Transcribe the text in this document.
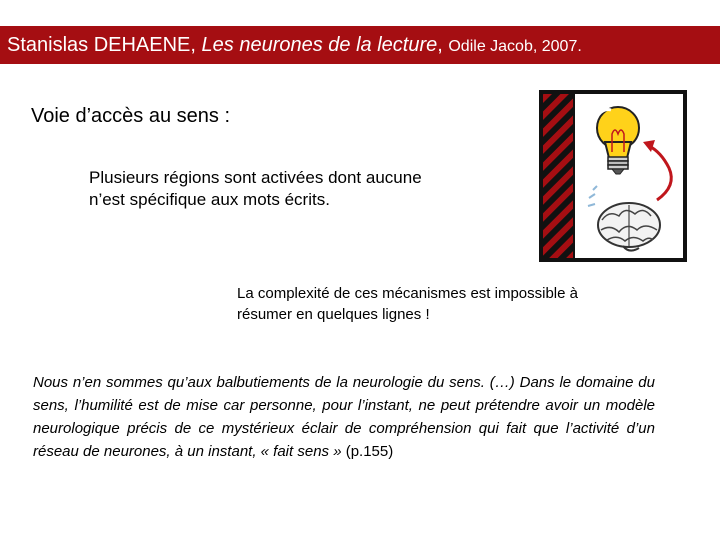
Stanislas DEHAENE, Les neurones de la lecture, Odile Jacob, 2007.
Voie d’accès au sens :
Plusieurs régions sont activées dont aucune
n’est spécifique aux mots écrits.
La complexité de ces mécanismes est impossible à
résumer en quelques lignes !
Nous n’en sommes qu’aux balbutiements de la neurologie du sens. (…) Dans le domaine du sens, l’humilité est de mise car personne, pour l’instant, ne peut prétendre avoir un modèle neurologique précis de ce mystérieux éclair de compréhension qui fait que l’activité d’un réseau de neurones, à un instant, « fait sens » (p.155)
